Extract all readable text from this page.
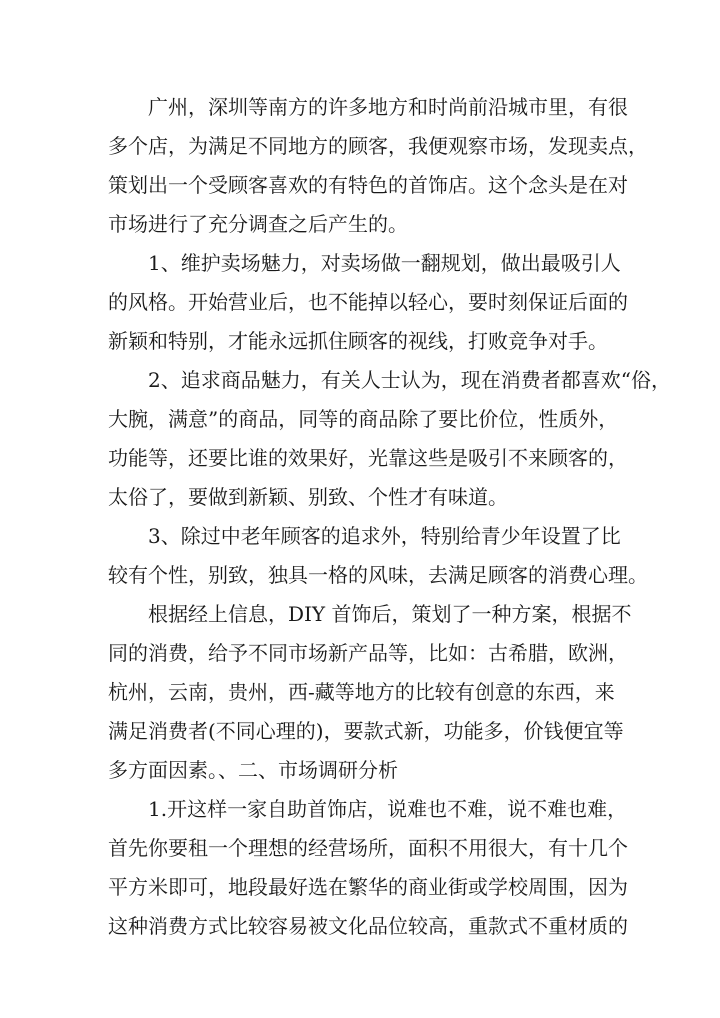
广州，深圳等南方的许多地方和时尚前沿城市里，有很
多个店，为满足不同地方的顾客，我便观察市场，发现卖点，
策划出一个受顾客喜欢的有特色的首饰店。这个念头是在对
市场进行了充分调查之后产生的。
1、维护卖场魅力，对卖场做一翻规划，做出最吸引人
的风格。开始营业后，也不能掉以轻心，要时刻保证后面的
新颖和特别，才能永远抓住顾客的视线，打败竞争对手。
2、追求商品魅力，有关人士认为，现在消费者都喜欢“俗，
大腕，满意”的商品，同等的商品除了要比价位，性质外，
功能等，还要比谁的效果好，光靠这些是吸引不来顾客的，
太俗了，要做到新颖、别致、个性才有味道。
3、除过中老年顾客的追求外，特别给青少年设置了比
较有个性，别致，独具一格的风味，去满足顾客的消费心理。
根据经上信息，DIY 首饰后，策划了一种方案，根据不
同的消费，给予不同市场新产品等，比如：古希腊，欧洲，
杭州，云南，贵州，西-藏等地方的比较有创意的东西，来
满足消费者(不同心理的)，要款式新，功能多，价钱便宜等
多方面因素。、二、市场调研分析
1.开这样一家自助首饰店，说难也不难，说不难也难，
首先你要租一个理想的经营场所，面积不用很大，有十几个
平方米即可，地段最好选在繁华的商业街或学校周围，因为
这种消费方式比较容易被文化品位较高，重款式不重材质的
